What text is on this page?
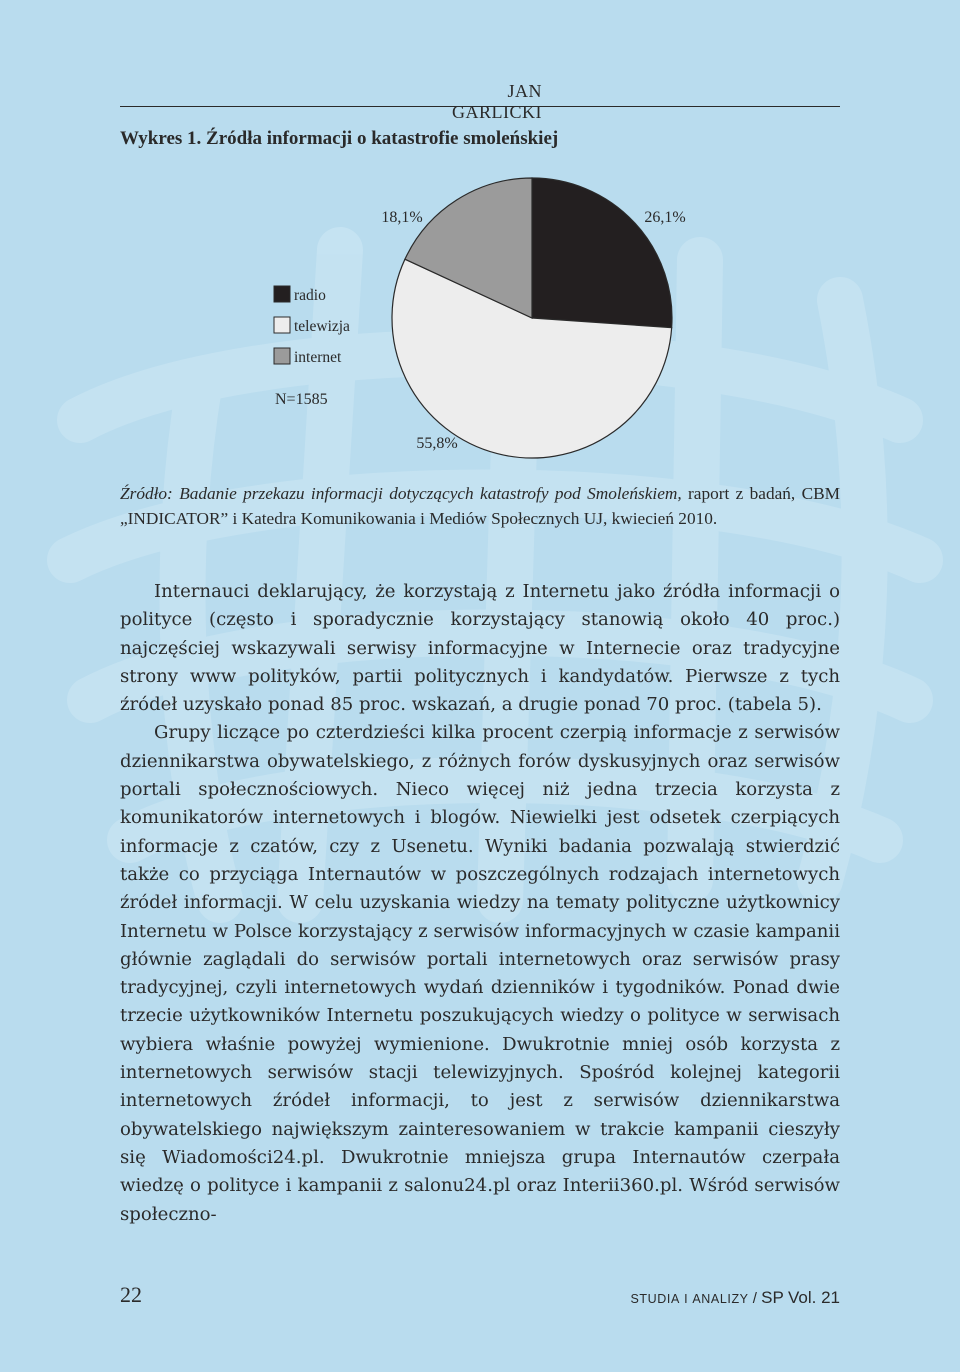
JAN GARLICKI
Wykres 1. Źródła informacji o katastrofie smoleńskiej
26,1%
55,8%
18,1%
radio
telewizja
internet
N=1585
Źródło: Badanie przekazu informacji dotyczących katastrofy pod Smoleńskiem, raport z badań, CBM „INDICATOR” i Katedra Komunikowania i Mediów Społecznych UJ, kwiecień 2010.

Internauci deklarujący, że korzystają z Internetu jako źródła informacji o polityce (często i sporadycznie korzystający stanowią około 40 proc.) najczęściej wskazywali serwisy informacyjne w Internecie oraz tradycyjne strony www polityków, partii politycznych i kandydatów. Pierwsze z tych źródeł uzyskało ponad 85 proc. wskazań, a drugie ponad 70 proc. (tabela 5).

Grupy liczące po czterdzieści kilka procent czerpią informacje z serwisów dziennikarstwa obywatelskiego, z różnych forów dyskusyjnych oraz serwisów portali społecznościowych. Nieco więcej niż jedna trzecia korzysta z komunikatorów internetowych i blogów. Niewielki jest odsetek czerpiących informacje z czatów, czy z Usenetu. Wyniki badania pozwalają stwierdzić także co przyciąga Internautów w poszczególnych rodzajach internetowych źródeł informacji. W celu uzyskania wiedzy na tematy polityczne użytkownicy Internetu w Polsce korzystający z serwisów informacyjnych w czasie kampanii głównie zaglądali do serwisów portali internetowych oraz serwisów prasy tradycyjnej, czyli internetowych wydań dzienników i tygodników. Ponad dwie trzecie użytkowników Internetu poszukujących wiedzy o polityce w serwisach wybiera właśnie powyżej wymienione. Dwukrotnie mniej osób korzysta z internetowych serwisów stacji telewizyjnych. Spośród kolejnej kategorii internetowych źródeł informacji, to jest z serwisów dziennikarstwa obywatelskiego największym zainteresowaniem w trakcie kampanii cieszyły się Wiadomości24.pl. Dwukrotnie mniejsza grupa Internautów czerpała wiedzę o polityce i kampanii z salonu24.pl oraz Interii360.pl. Wśród serwisów społeczno-

22	STUDIA I ANALIZY / SP Vol. 21
